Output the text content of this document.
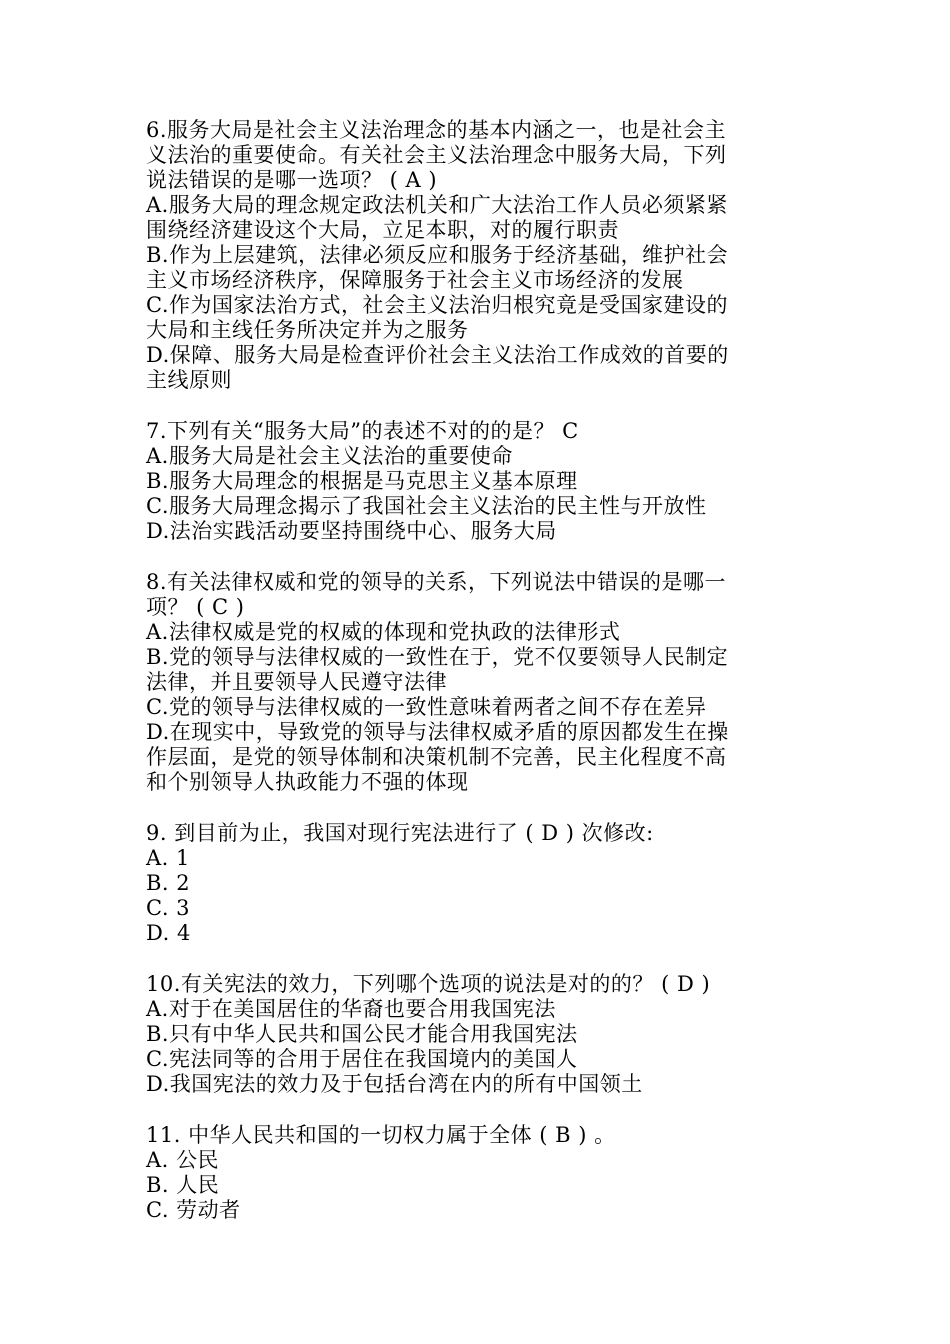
6.服务大局是社会主义法治理念的基本内涵之一，也是社会主
义法治的重要使命。有关社会主义法治理念中服务大局，下列
说法错误的是哪一选项？ ( A )
A.服务大局的理念规定政法机关和广大法治工作人员必须紧紧
围绕经济建设这个大局，立足本职，对的履行职责
B.作为上层建筑，法律必须反应和服务于经济基础，维护社会
主义市场经济秩序，保障服务于社会主义市场经济的发展
C.作为国家法治方式，社会主义法治归根究竟是受国家建设的
大局和主线任务所决定并为之服务
D.保障、服务大局是检查评价社会主义法治工作成效的首要的
主线原则
7.下列有关“服务大局”的表述不对的的是？ C
A.服务大局是社会主义法治的重要使命
B.服务大局理念的根据是马克思主义基本原理
C.服务大局理念揭示了我国社会主义法治的民主性与开放性
D.法治实践活动要坚持围绕中心、服务大局
8.有关法律权威和党的领导的关系，下列说法中错误的是哪一
项？ ( C )
A.法律权威是党的权威的体现和党执政的法律形式
B.党的领导与法律权威的一致性在于，党不仅要领导人民制定
法律，并且要领导人民遵守法律
C.党的领导与法律权威的一致性意味着两者之间不存在差异
D.在现实中，导致党的领导与法律权威矛盾的原因都发生在操
作层面，是党的领导体制和决策机制不完善，民主化程度不高
和个别领导人执政能力不强的体现
9. 到目前为止，我国对现行宪法进行了 ( D ) 次修改:
A. 1
B. 2
C. 3
D. 4
10.有关宪法的效力，下列哪个选项的说法是对的的？ ( D )
A.对于在美国居住的华裔也要合用我国宪法
B.只有中华人民共和国公民才能合用我国宪法
C.宪法同等的合用于居住在我国境内的美国人
D.我国宪法的效力及于包括台湾在内的所有中国领土
11. 中华人民共和国的一切权力属于全体 ( B ) 。
A. 公民
B. 人民
C. 劳动者
